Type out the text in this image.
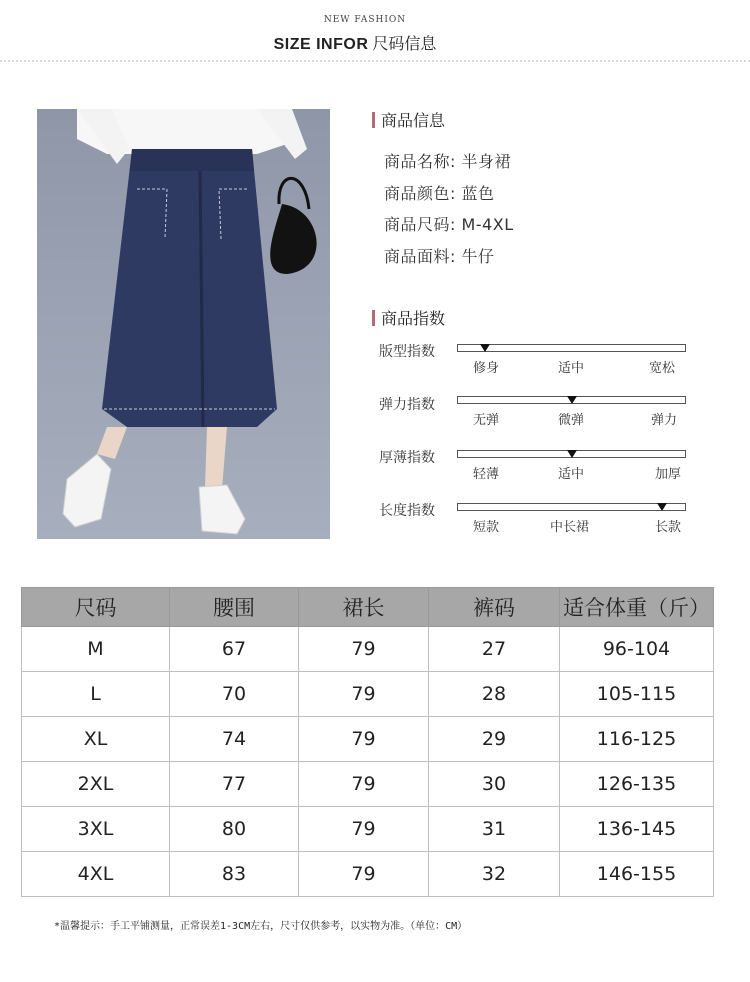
NEW FASHION
SIZE INFOR 尺码信息
商品信息
商品名称: 半身裙
商品颜色: 蓝色
商品尺码: M-4XL
商品面料: 牛仔
商品指数
版型指数
修身	适中	宽松
弹力指数
无弹	微弹	弹力
厚薄指数
轻薄	适中	加厚
长度指数
短款	中长裙	长款
尺码	腰围	裙长	裤码	适合体重（斤）
M	67	79	27	96-104
L	70	79	28	105-115
XL	74	79	29	116-125
2XL	77	79	30	126-135
3XL	80	79	31	136-145
4XL	83	79	32	146-155
*温馨提示：手工平铺测量，正常误差1-3CM左右，尺寸仅供参考，以实物为准。（单位：CM）
